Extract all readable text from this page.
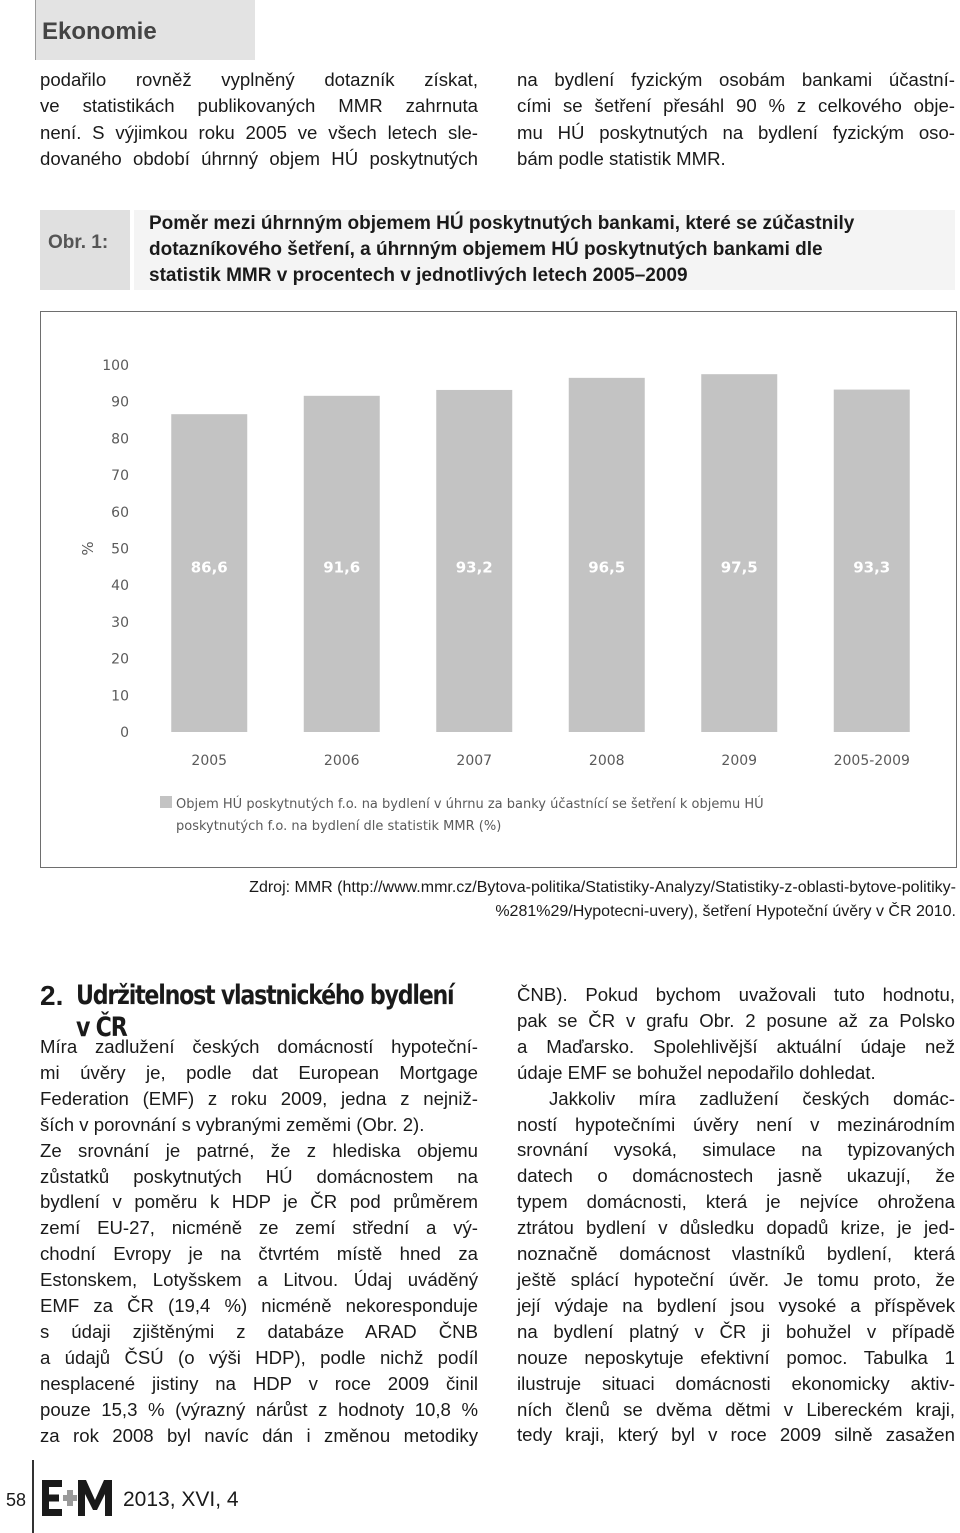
Ekonomie
podařilo rovněž vyplněný dotazník získat,
ve statistikách publikovaných MMR zahrnuta
není. S výjimkou roku 2005 ve všech letech sle-
dovaného období úhrnný objem HÚ poskytnutých
na bydlení fyzickým osobám bankami účastní-
cími se šetření přesáhl 90 % z celkového obje-
mu HÚ poskytnutých na bydlení fyzickým oso-
bám podle statistik MMR.
Obr. 1:
Poměr mezi úhrnným objemem HÚ poskytnutých bankami, které se zúčastnily
dotazníkového šetření, a úhrnným objemem HÚ poskytnutých bankami dle
statistik MMR v procentech v jednotlivých letech 2005–2009
0
10
20
30
40
50
60
70
80
90
100
%
86,6
2005
91,6
2006
93,2
2007
96,5
2008
97,5
2009
93,3
2005-2009
Objem HÚ poskytnutých f.o. na bydlení v úhrnu za banky účastnící se šetření k objemu HÚ
poskytnutých f.o. na bydlení dle statistik MMR (%)
Zdroj: MMR (http://www.mmr.cz/Bytova-politika/Statistiky-Analyzy/Statistiky-z-oblasti-bytove-politiky-
%281%29/Hypotecni-uvery), šetření Hypoteční úvěry v ČR 2010.
2. Udržitelnost vlastnického bydlení
v ČR
Míra zadlužení českých domácností hypoteční-
mi úvěry je, podle dat European Mortgage
Federation (EMF) z roku 2009, jedna z nejniž-
ších v porovnání s vybranými zeměmi (Obr. 2).
Ze srovnání je patrné, že z hlediska objemu
zůstatků poskytnutých HÚ domácnostem na
bydlení v poměru k HDP je ČR pod průměrem
zemí EU-27, nicméně ze zemí střední a vý-
chodní Evropy je na čtvrtém místě hned za
Estonskem, Lotyšskem a Litvou. Údaj uváděný
EMF za ČR (19,4 %) nicméně nekoresponduje
s údaji zjištěnými z databáze ARAD ČNB
a údajů ČSÚ (o výši HDP), podle nichž podíl
nesplacené jistiny na HDP v roce 2009 činil
pouze 15,3 % (výrazný nárůst z hodnoty 10,8 %
za rok 2008 byl navíc dán i změnou metodiky
ČNB). Pokud bychom uvažovali tuto hodnotu,
pak se ČR v grafu Obr. 2 posune až za Polsko
a Maďarsko. Spolehlivější aktuální údaje než
údaje EMF se bohužel nepodařilo dohledat.
Jakkoliv míra zadlužení českých domác-
ností hypotečními úvěry není v mezinárodním
srovnání vysoká, simulace na typizovaných
datech o domácnostech jasně ukazují, že
typem domácnosti, která je nejvíce ohrožena
ztrátou bydlení v důsledku dopadů krize, je jed-
noznačně domácnost vlastníků bydlení, která
ještě splácí hypoteční úvěr. Je tomu proto, že
její výdaje na bydlení jsou vysoké a příspěvek
na bydlení platný v ČR ji bohužel v případě
nouze neposkytuje efektivní pomoc. Tabulka 1
ilustruje situaci domácnosti ekonomicky aktiv-
ních členů se dvěma dětmi v Libereckém kraji,
tedy kraji, který byl v roce 2009 silně zasažen
58	2013, XVI, 4
